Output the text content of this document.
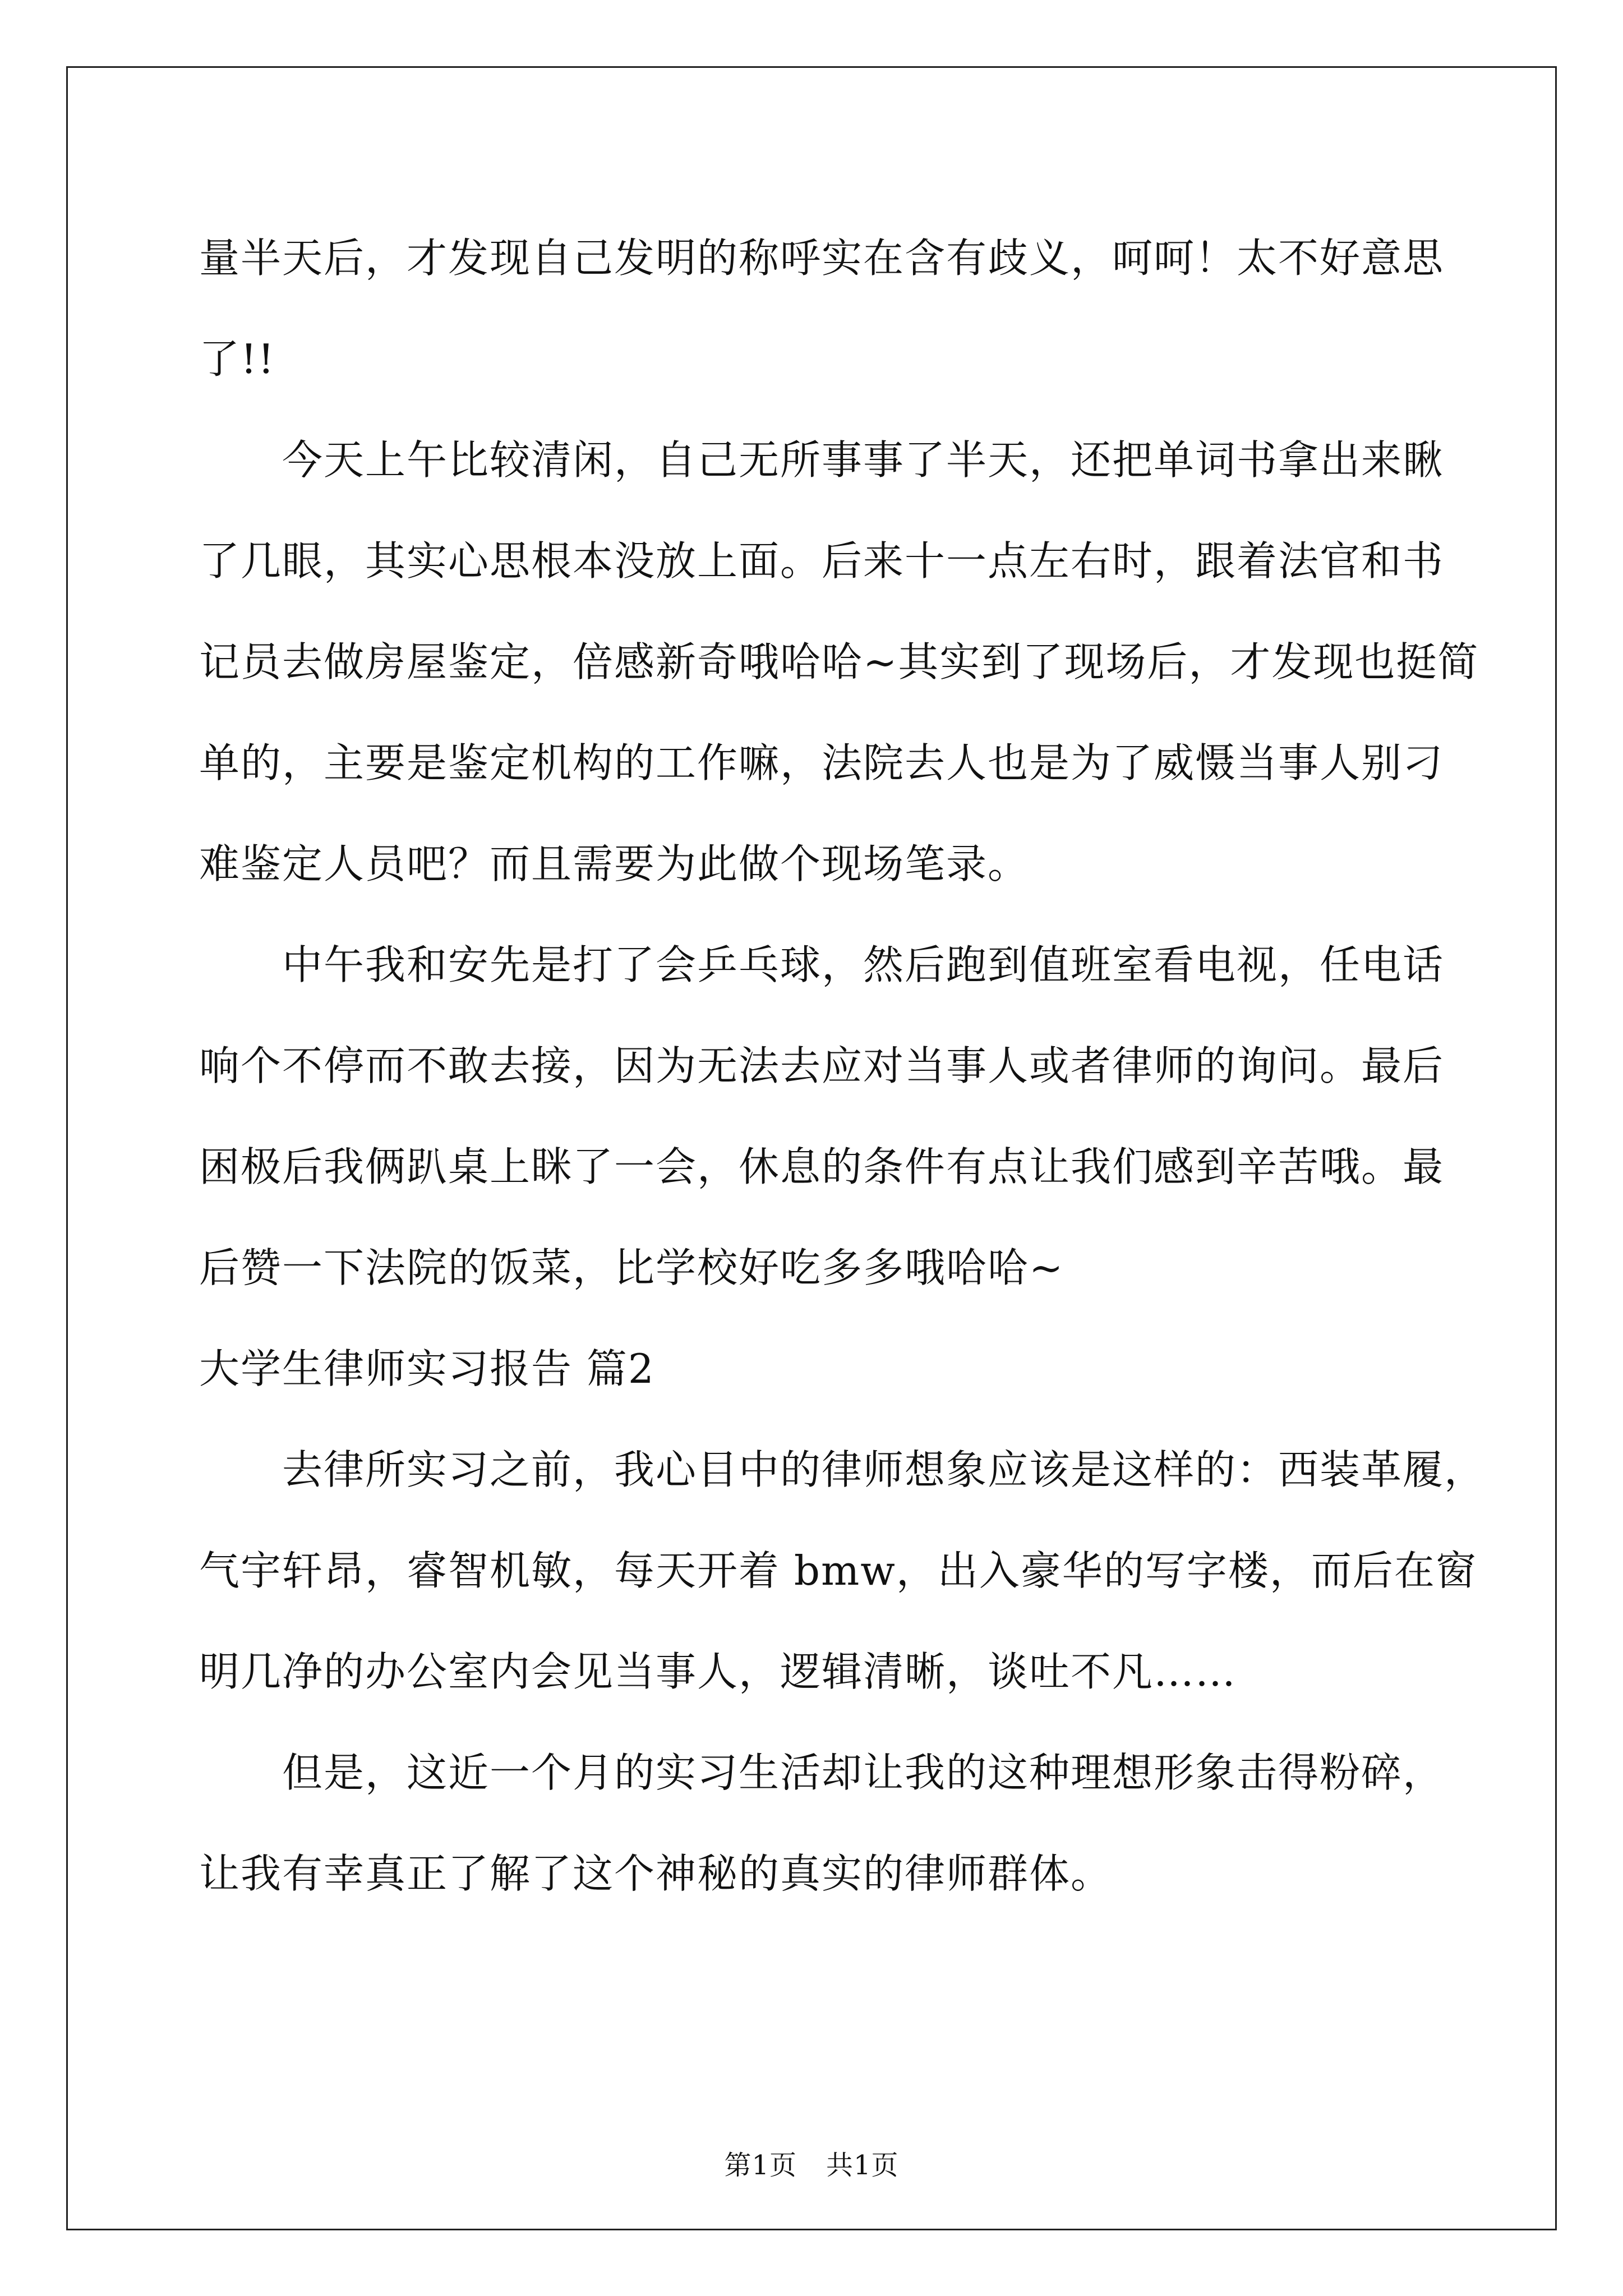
量半天后，才发现自己发明的称呼实在含有歧义，呵呵！太不好意思
了!!
今天上午比较清闲，自己无所事事了半天，还把单词书拿出来瞅
了几眼，其实心思根本没放上面。后来十一点左右时，跟着法官和书
记员去做房屋鉴定，倍感新奇哦哈哈~其实到了现场后，才发现也挺简
单的，主要是鉴定机构的工作嘛，法院去人也是为了威慑当事人别刁
难鉴定人员吧？而且需要为此做个现场笔录。
中午我和安先是打了会乒乓球，然后跑到值班室看电视，任电话
响个不停而不敢去接，因为无法去应对当事人或者律师的询问。最后
困极后我俩趴桌上眯了一会，休息的条件有点让我们感到辛苦哦。最
后赞一下法院的饭菜，比学校好吃多多哦哈哈~
大学生律师实习报告 篇2
去律所实习之前，我心目中的律师想象应该是这样的：西装革履，
气宇轩昂，睿智机敏，每天开着 bmw，出入豪华的写字楼，而后在窗
明几净的办公室内会见当事人，逻辑清晰，谈吐不凡……
但是，这近一个月的实习生活却让我的这种理想形象击得粉碎，
让我有幸真正了解了这个神秘的真实的律师群体。
第1页 共1页
